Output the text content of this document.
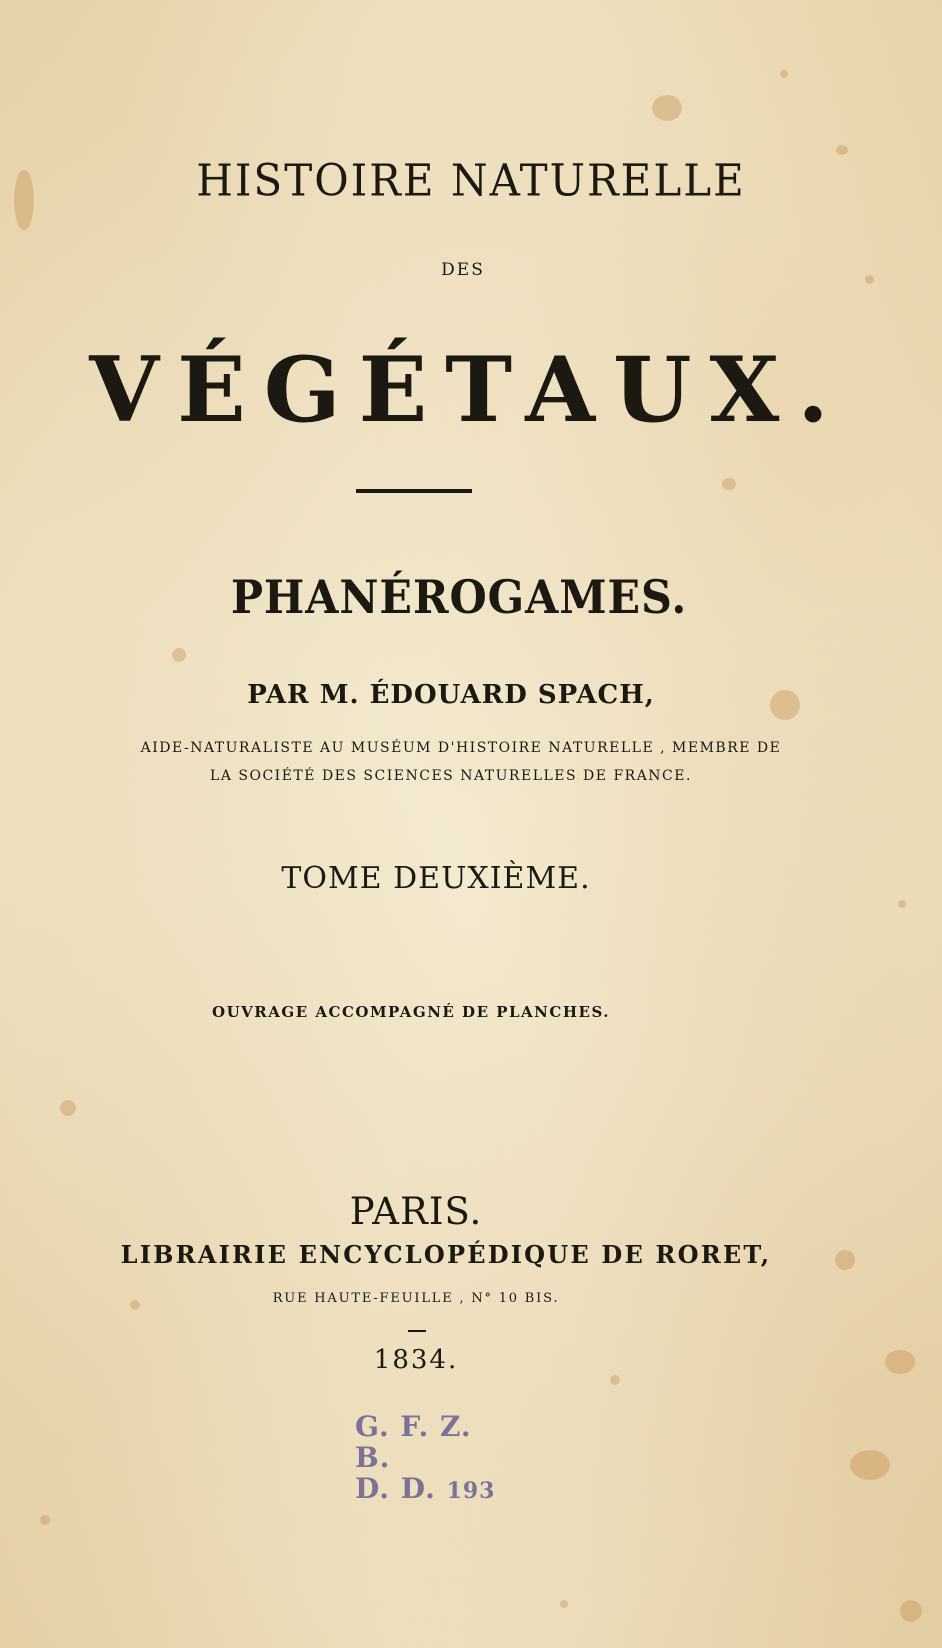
HISTOIRE NATURELLE
DES
VÉGÉTAUX.
PHANÉROGAMES.
PAR M. ÉDOUARD SPACH,
AIDE-NATURALISTE AU MUSÉUM D'HISTOIRE NATURELLE , MEMBRE DE
LA SOCIÉTÉ DES SCIENCES NATURELLES DE FRANCE.
TOME DEUXIÈME.
OUVRAGE ACCOMPAGNÉ DE PLANCHES.
PARIS.
LIBRAIRIE ENCYCLOPÉDIQUE DE RORET,
RUE HAUTE-FEUILLE , N° 10 BIS.
1834.
G. F. Z. B.
D. D. 193
